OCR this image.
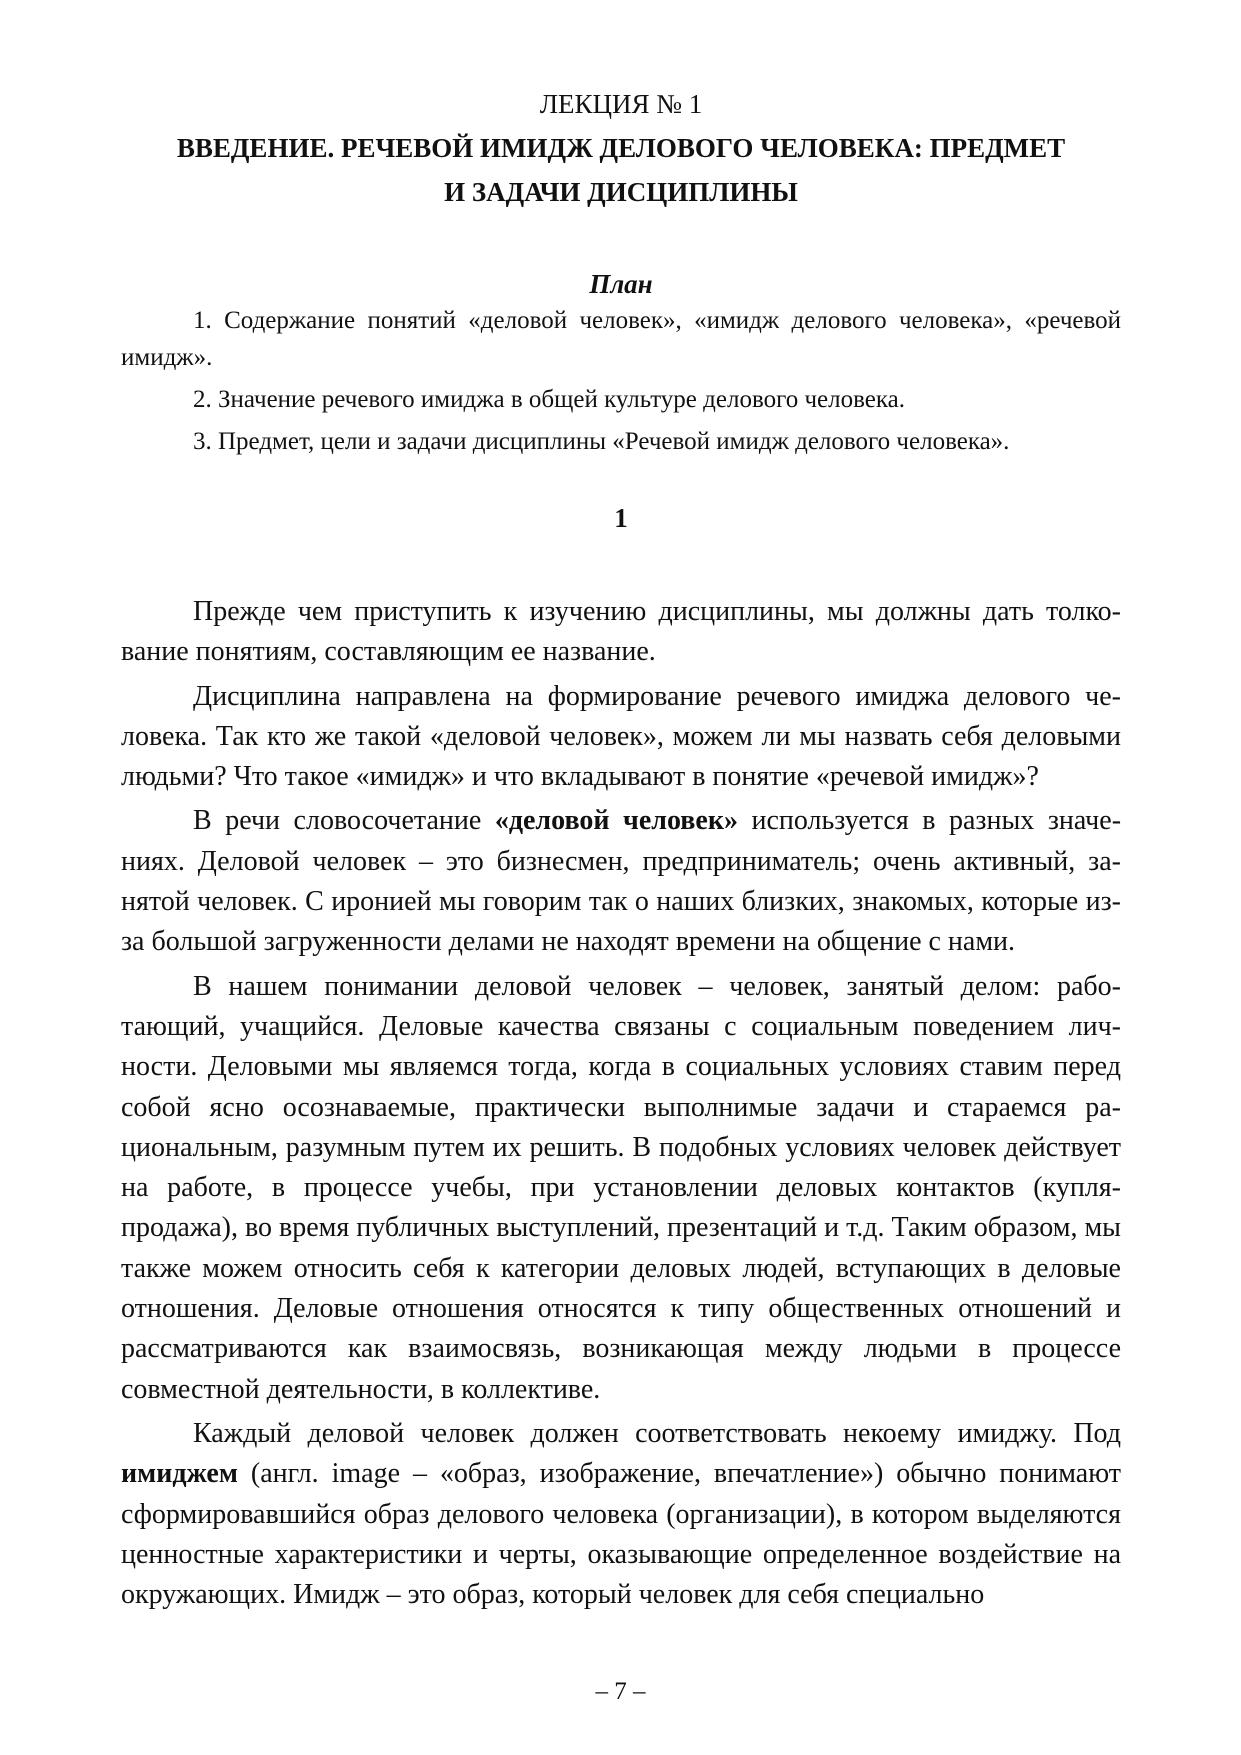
ЛЕКЦИЯ № 1

ВВЕДЕНИЕ. РЕЧЕВОЙ ИМИДЖ ДЕЛОВОГО ЧЕЛОВЕКА: ПРЕДМЕТ
И ЗАДАЧИ ДИСЦИПЛИНЫ

План

1. Содержание понятий «деловой человек», «имидж делового человека», «речевой имидж».
2. Значение речевого имиджа в общей культуре делового человека.
3. Предмет, цели и задачи дисциплины «Речевой имидж делового человека».

1

Прежде чем приступить к изучению дисциплины, мы должны дать толкование понятиям, составляющим ее название.

Дисциплина направлена на формирование речевого имиджа делового человека. Так кто же такой «деловой человек», можем ли мы назвать себя деловыми людьми? Что такое «имидж» и что вкладывают в понятие «речевой имидж»?

В речи словосочетание «деловой человек» используется в разных значениях. Деловой человек – это бизнесмен, предприниматель; очень активный, занятой человек. С иронией мы говорим так о наших близких, знакомых, которые из-за большой загруженности делами не находят времени на общение с нами.

В нашем понимании деловой человек – человек, занятый делом: работающий, учащийся. Деловые качества связаны с социальным поведением личности. Деловыми мы являемся тогда, когда в социальных условиях ставим перед собой ясно осознаваемые, практически выполнимые задачи и стараемся рациональным, разумным путем их решить. В подобных условиях человек действует на работе, в процессе учебы, при установлении деловых контактов (купля-продажа), во время публичных выступлений, презентаций и т.д. Таким образом, мы также можем относить себя к категории деловых людей, вступающих в деловые отношения. Деловые отношения относятся к типу общественных отношений и рассматриваются как взаимосвязь, возникающая между людьми в процессе совместной деятельности, в коллективе.

Каждый деловой человек должен соответствовать некоему имиджу. Под имиджем (англ. image – «образ, изображение, впечатление») обычно понимают сформировавшийся образ делового человека (организации), в котором выделяются ценностные характеристики и черты, оказывающие определенное воздействие на окружающих. Имидж – это образ, который человек для себя специально

– 7 –
